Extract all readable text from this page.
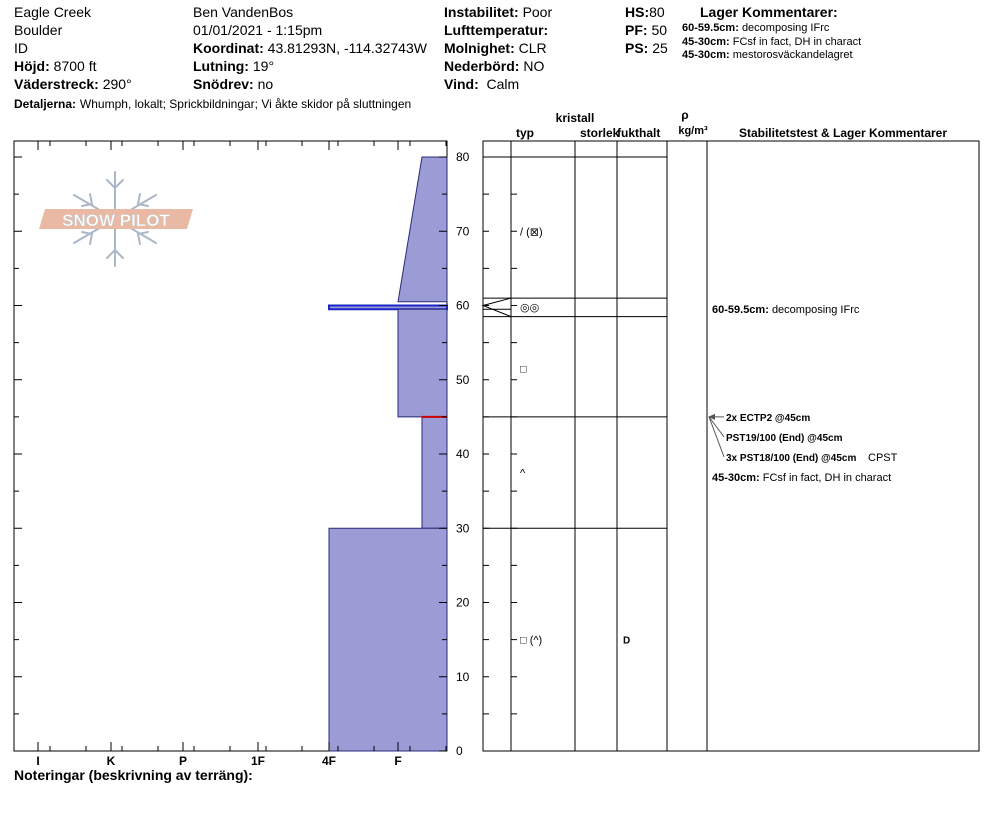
Eagle Creek
Boulder
ID
Höjd: 8700 ft
Väderstreck: 290°
Detaljerna: Whumph, lokalt; Sprickbildningar; Vi åkte skidor på sluttningen
Ben VandenBos
01/01/2021 - 1:15pm
Koordinat: 43.81293N, -114.32743W
Lutning: 19°
Snödrev: no
Instabilitet: Poor
Lufttemperatur:
Molnighet: CLR
Nederbörd: NO
Vind: Calm
HS:80
PF: 50
PS: 25
Lager Kommentarer:
60-59.5cm: decomposing IFrc
45-30cm: FCsf in fact, DH in charact
45-30cm: mestorosväckandelagret
Noteringar (beskrivning av terräng):
SNOW PILOT
I	K	P	1F	4F	F
0
10
20
30
40
50
60
70
80
/ (⊠)
◎◎
□
^
□ (^)	D
2x ECTP2 @45cm
PST19/100 (End) @45cm
3x PST18/100 (End) @45cm CPST
60-59.5cm: decomposing IFrc
45-30cm: FCsf in fact, DH in charact
kristall
typ	storlek
fukthalt
ρ
kg/m³	Stabilitetstest & Lager Kommentarer
